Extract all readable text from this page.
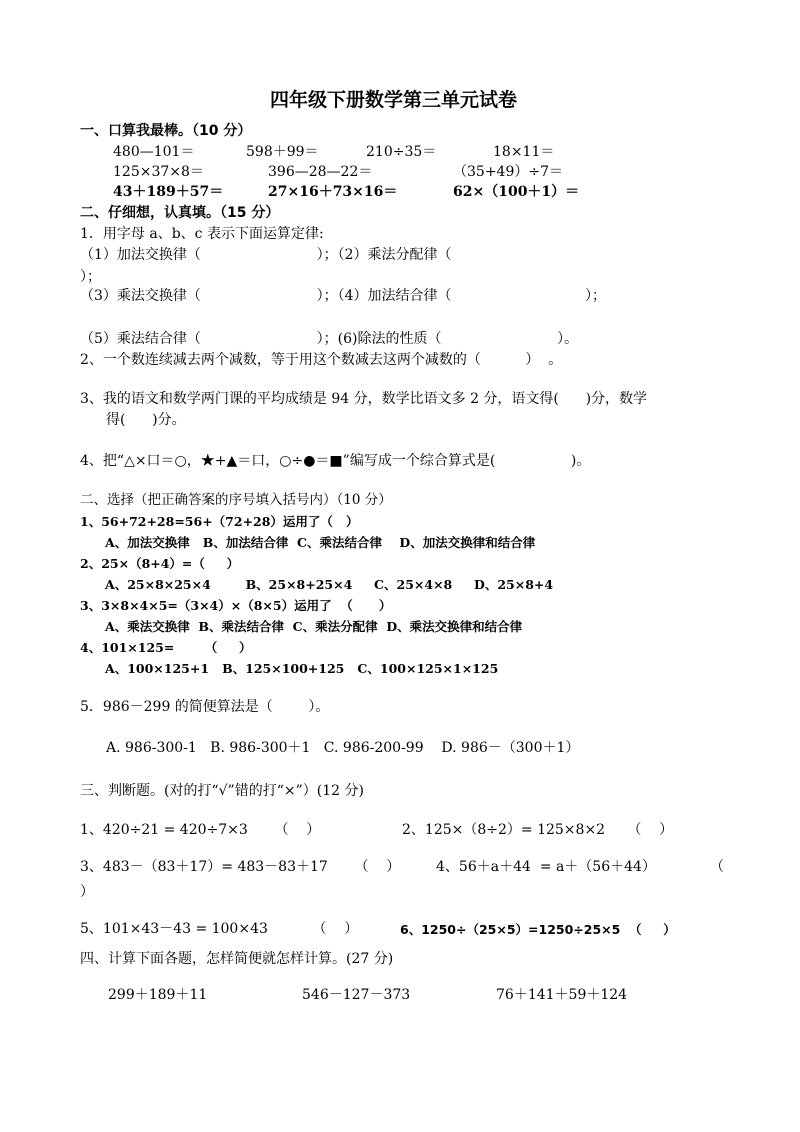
四年级下册数学第三单元试卷
一、口算我最棒。（10 分）
480—101＝	598＋99＝	210÷35＝	18×11＝
125×37×8＝	396—28—22＝	（35+49）÷7＝
43＋189＋57＝	27×16＋73×16＝	62×（100＋1）＝
二、仔细想，认真填。（15 分）
1．用字母 a、b、c 表示下面运算定律:
（1）加法交换律（                          ）；（2）乘法分配律（
）；
（3）乘法交换律（                          ）；（4）加法结合律（                              ）；
（5）乘法结合律（                          ）；(6)除法的性质（                          ）。
2、一个数连续减去两个减数，等于用这个数减去这两个减数的（          ）  。
3、我的语文和数学两门课的平均成绩是 94 分，数学比语文多 2 分，语文得(      )分，数学
得(      )分。
4、把“△×口＝○，★+▲＝口，○÷●＝■”编写成一个综合算式是(                 )。
二、选择（把正确答案的序号填入括号内）（10 分）
1、56+72+28=56+（72+28）运用了（   ）
A、加法交换律   B、加法结合律  C、乘法结合律    D、加法交换律和结合律
2、25×（8+4）=（     ）
A、25×8×25×4        B、25×8+25×4     C、25×4×8     D、25×8+4
3、3×8×4×5=（3×4）×（8×5）运用了  （      ）
A、乘法交换律  B、乘法结合律  C、乘法分配律  D、乘法交换律和结合律
4、101×125=       （     ）
A、100×125+1   B、125×100+125   C、100×125×1×125
5．986－299 的简便算法是（        ）。
A. 986-300-1   B. 986-300＋1   C. 986-200-99    D. 986－（300＋1）
三、判断题。(对的打“√”错的打“×”）(12 分)
1、420÷21 = 420÷7×3      （    ）	2、125×（8÷2）= 125×8×2     （    ）
3、483－（83＋17）= 483－83＋17      （    ）	4、56＋a＋44  = a＋（56＋44）	（
）
5、101×43－43 = 100×43          （    ）	6、1250÷（25×5）=1250÷25×5  （     ）
四、计算下面各题，怎样简便就怎样计算。(27 分)
299＋189＋11	546－127－373	76＋141＋59＋124
